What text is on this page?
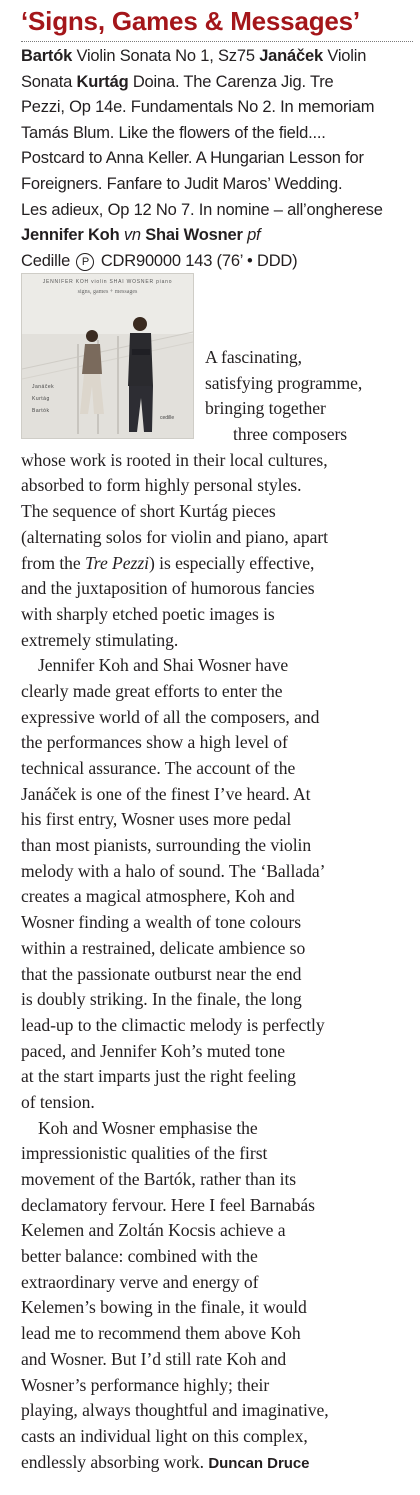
‘Signs, Games & Messages’
Bartók Violin Sonata No 1, Sz75 Janáček Violin
Sonata Kurtág Doina. The Carenza Jig. Tre
Pezzi, Op 14e. Fundamentals No 2. In memoriam
Tamás Blum. Like the flowers of the field....
Postcard to Anna Keller. A Hungarian Lesson for
Foreigners. Fanfare to Judit Maros’ Wedding.
Les adieux, Op 12 No 7. In nomine – all’ongherese
Jennifer Koh vn Shai Wosner pf
Cedille P CDR90000 143 (76’ • DDD)
JENNIFER KOH violin SHAI WOSNER piano
signs, games + messages
Janáček
Kurtág
Bartók
cedille
A fascinating,
satisfying programme,
bringing together
three composers
whose work is rooted in their local cultures,
absorbed to form highly personal styles.
The sequence of short Kurtág pieces
(alternating solos for violin and piano, apart
from the Tre Pezzi) is especially effective,
and the juxtaposition of humorous fancies
with sharply etched poetic images is
extremely stimulating.
Jennifer Koh and Shai Wosner have
clearly made great efforts to enter the
expressive world of all the composers, and
the performances show a high level of
technical assurance. The account of the
Janáček is one of the finest I’ve heard. At
his first entry, Wosner uses more pedal
than most pianists, surrounding the violin
melody with a halo of sound. The ‘Ballada’
creates a magical atmosphere, Koh and
Wosner finding a wealth of tone colours
within a restrained, delicate ambience so
that the passionate outburst near the end
is doubly striking. In the finale, the long
lead-up to the climactic melody is perfectly
paced, and Jennifer Koh’s muted tone
at the start imparts just the right feeling
of tension.
Koh and Wosner emphasise the
impressionistic qualities of the first
movement of the Bartók, rather than its
declamatory fervour. Here I feel Barnabás
Kelemen and Zoltán Kocsis achieve a
better balance: combined with the
extraordinary verve and energy of
Kelemen’s bowing in the finale, it would
lead me to recommend them above Koh
and Wosner. But I’d still rate Koh and
Wosner’s performance highly; their
playing, always thoughtful and imaginative,
casts an individual light on this complex,
endlessly absorbing work. Duncan Druce
